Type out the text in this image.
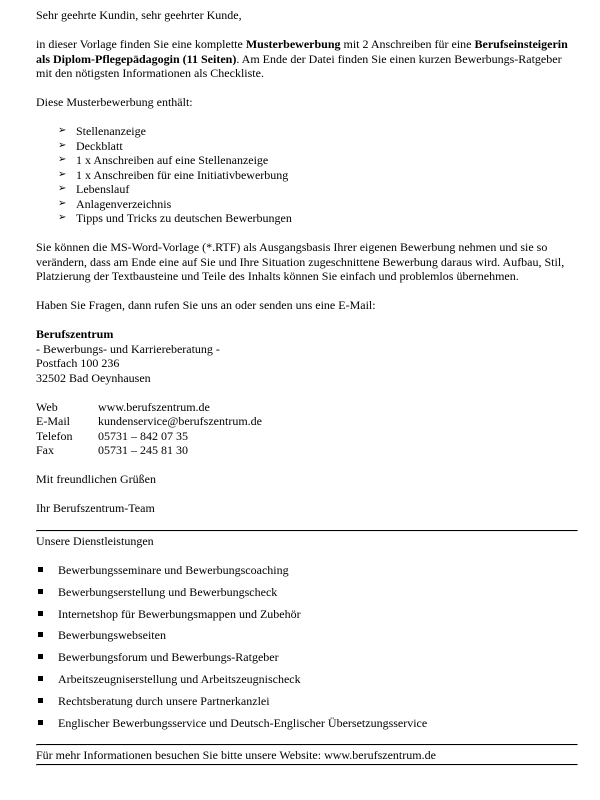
Sehr geehrte Kundin, sehr geehrter Kunde,

in dieser Vorlage finden Sie eine komplette Musterbewerbung mit 2 Anschreiben für eine Berufseinsteigerin als Diplom-Pflegepädagogin (11 Seiten). Am Ende der Datei finden Sie einen kurzen Bewerbungs-Ratgeber mit den nötigsten Informationen als Checkliste.

Diese Musterbewerbung enthält:

➢ Stellenanzeige
➢ Deckblatt
➢ 1 x Anschreiben auf eine Stellenanzeige
➢ 1 x Anschreiben für eine Initiativbewerbung
➢ Lebenslauf
➢ Anlagenverzeichnis
➢ Tipps und Tricks zu deutschen Bewerbungen

Sie können die MS-Word-Vorlage (*.RTF) als Ausgangsbasis Ihrer eigenen Bewerbung nehmen und sie so verändern, dass am Ende eine auf Sie und Ihre Situation zugeschnittene Bewerbung daraus wird. Aufbau, Stil, Platzierung der Textbausteine und Teile des Inhalts können Sie einfach und problemlos übernehmen.

Haben Sie Fragen, dann rufen Sie uns an oder senden uns eine E-Mail:

Berufszentrum

- Bewerbungs- und Karriereberatung -

Postfach 100 236

32502 Bad Oeynhausen

Web	www.berufszentrum.de
E-Mail	kundenservice@berufszentrum.de
Telefon	05731 – 842 07 35
Fax	05731 – 245 81 30

Mit freundlichen Grüßen

Ihr Berufszentrum-Team

Unsere Dienstleistungen

Bewerbungsseminare und Bewerbungscoaching
Bewerbungserstellung und Bewerbungscheck
Internetshop für Bewerbungsmappen und Zubehör
Bewerbungswebseiten
Bewerbungsforum und Bewerbungs-Ratgeber
Arbeitszeugniserstellung und Arbeitszeugnischeck
Rechtsberatung durch unsere Partnerkanzlei
Englischer Bewerbungsservice und Deutsch-Englischer Übersetzungsservice

Für mehr Informationen besuchen Sie bitte unsere Website: www.berufszentrum.de
